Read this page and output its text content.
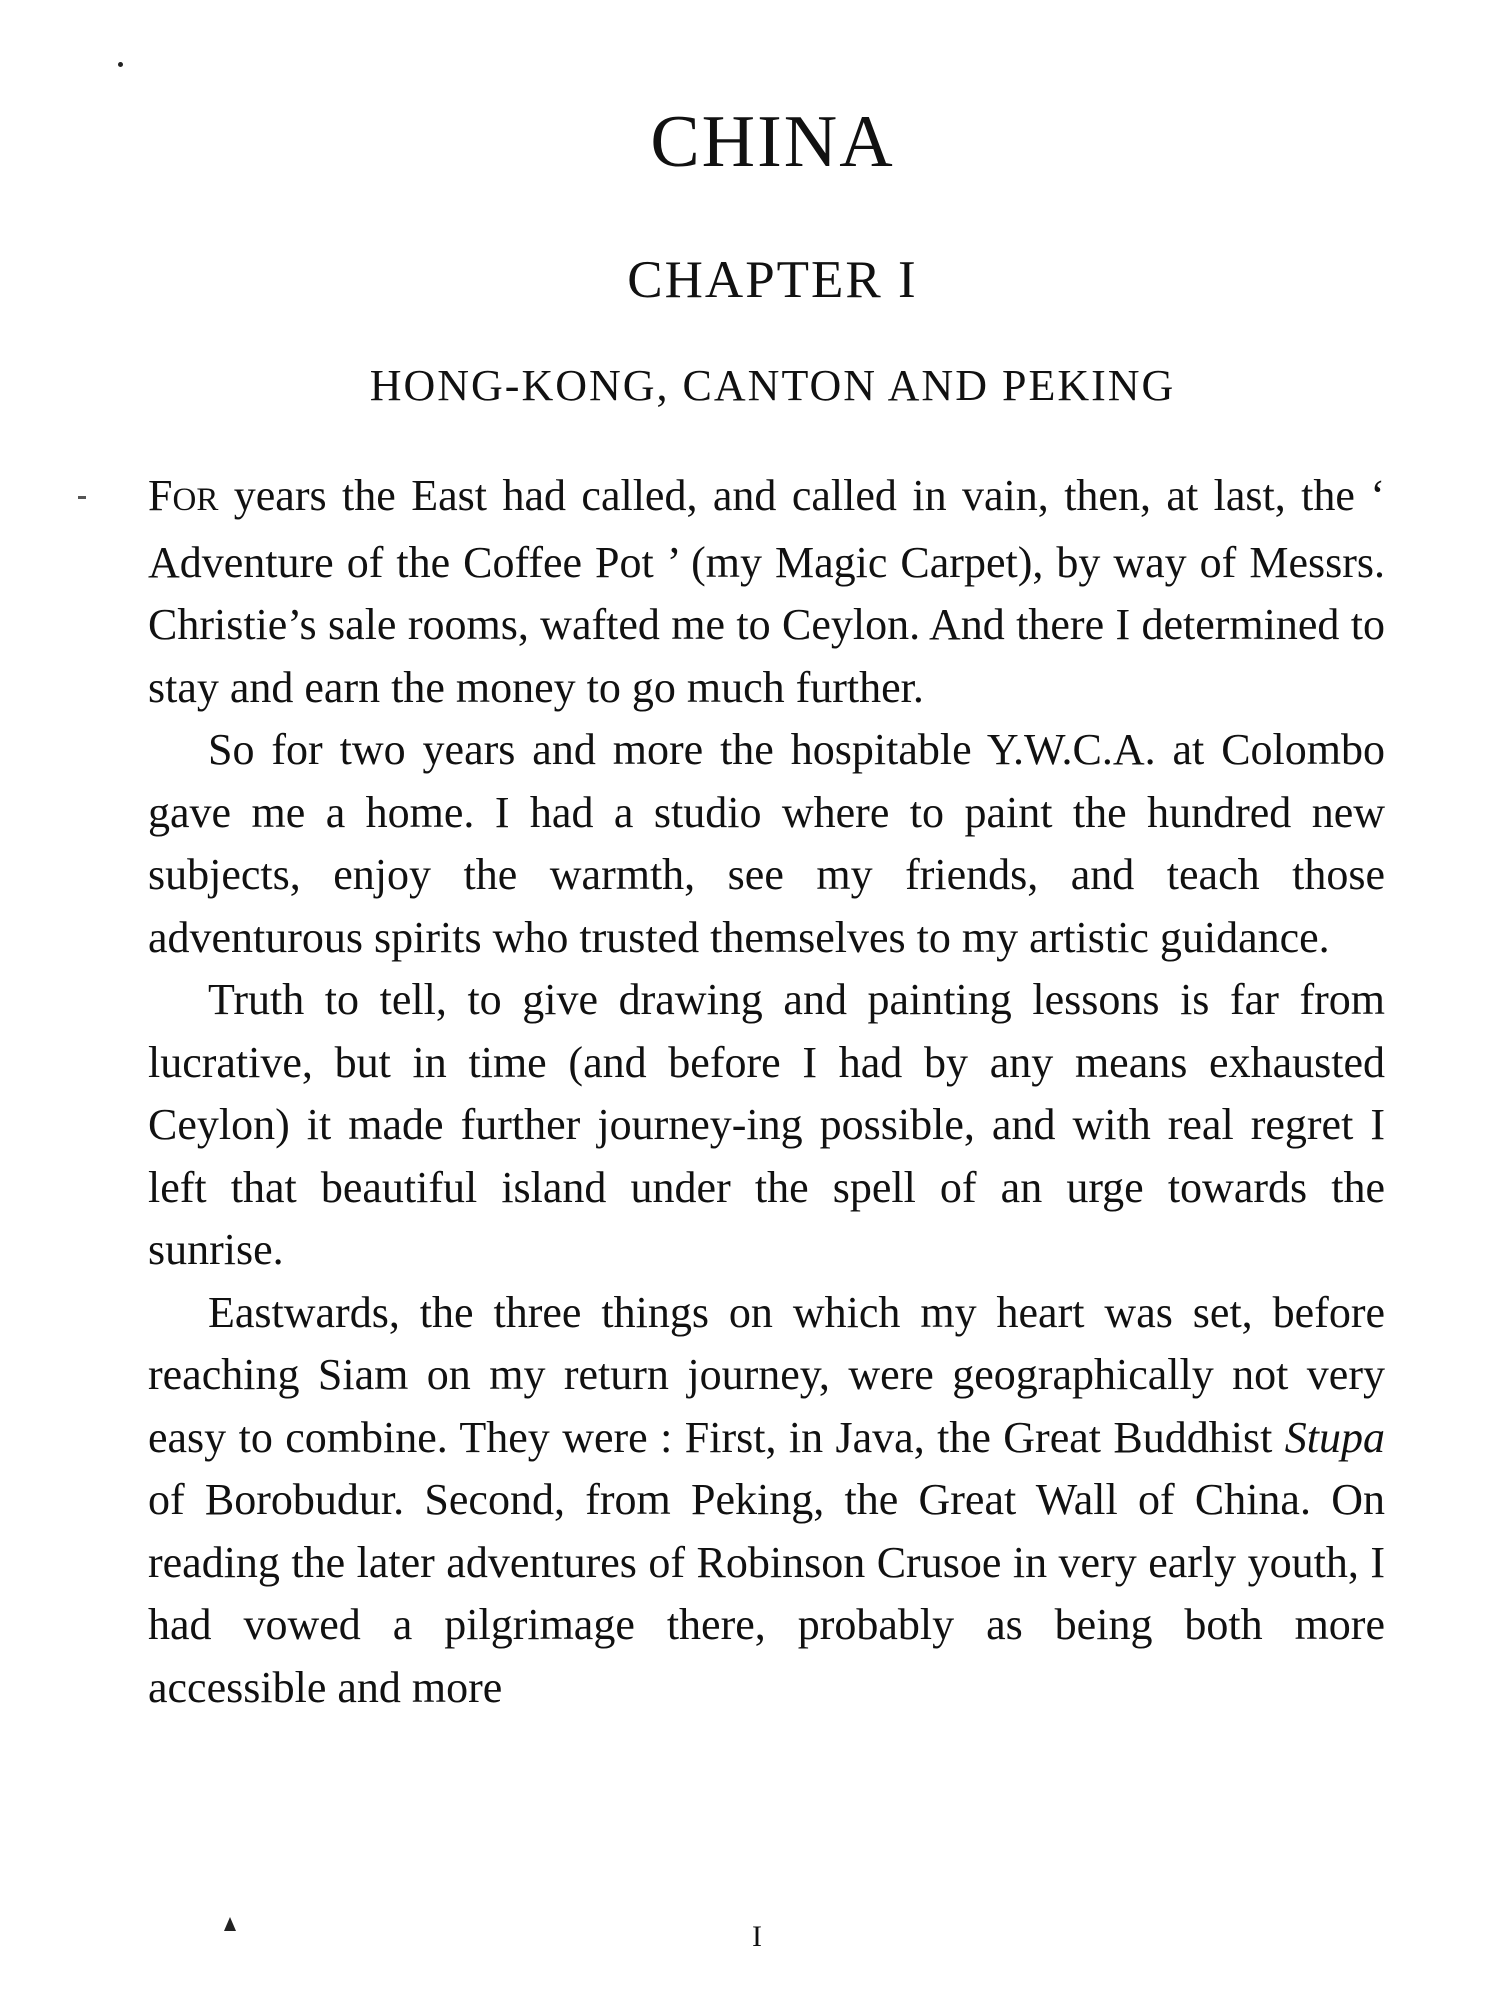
CHINA
CHAPTER I
HONG-KONG, CANTON AND PEKING

FOR years the East had called, and called in vain, then, at last, the ‘ Adventure of the Coffee Pot ’ (my Magic Carpet), by way of Messrs. Christie’s sale rooms, wafted me to Ceylon. And there I determined to stay and earn the money to go much further.

So for two years and more the hospitable Y.W.C.A. at Colombo gave me a home. I had a studio where to paint the hundred new subjects, enjoy the warmth, see my friends, and teach those adventurous spirits who trusted themselves to my artistic guidance.

Truth to tell, to give drawing and painting lessons is far from lucrative, but in time (and before I had by any means exhausted Ceylon) it made further journey-ing possible, and with real regret I left that beautiful island under the spell of an urge towards the sunrise.

Eastwards, the three things on which my heart was set, before reaching Siam on my return journey, were geographically not very easy to combine. They were : First, in Java, the Great Buddhist Stupa of Borobudur. Second, from Peking, the Great Wall of China. On reading the later adventures of Robinson Crusoe in very early youth, I had vowed a pilgrimage there, probably as being both more accessible and more

I
